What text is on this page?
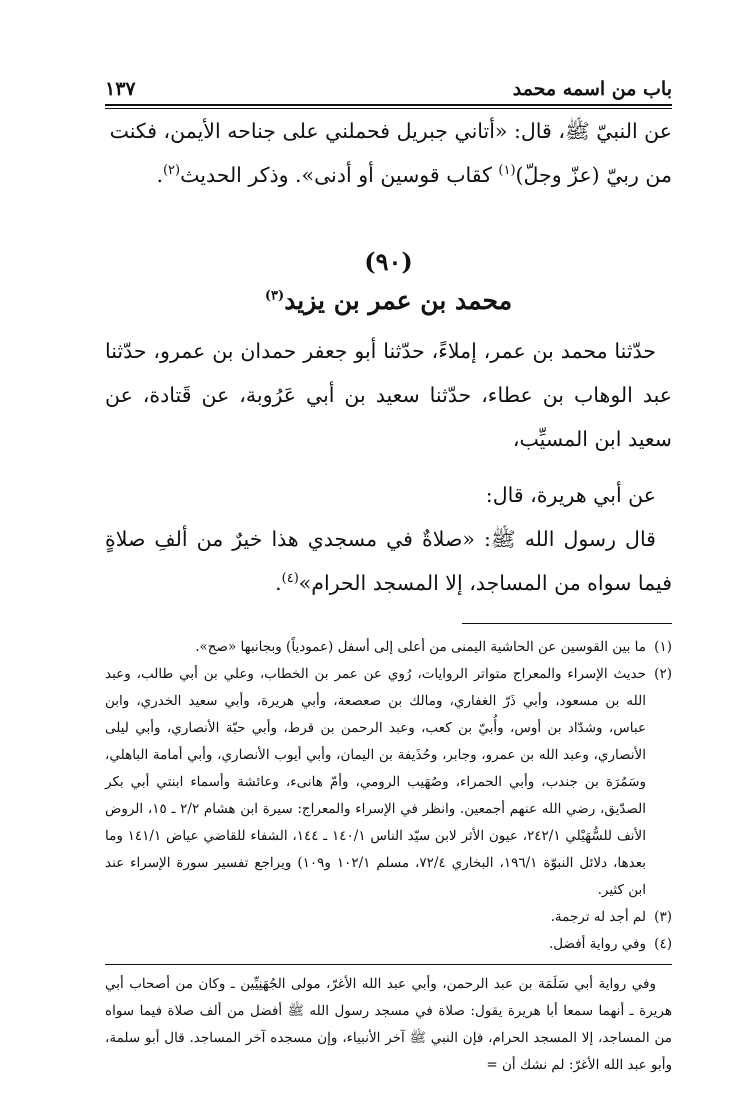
باب من اسمه محمد
١٣٧

عن النبيّ ﷺ، قال: «أتاني جبريل فحملني على جناحه الأيمن، فكنت

من ربيّ (عزّ وجلّ)$^{(١)}$ كقاب قوسين أو أدنى». وذكر الحديث$^{(٢)}$.

(٩٠)
محمد بن عمر بن يزيد$^{(٣)}$

حدّثنا محمد بن عمر، إملاءً، حدّثنا أبو جعفر حمدان بن عمرو، حدّثنا عبد الوهاب بن عطاء، حدّثنا سعيد بن أبي عَرُوبة، عن قَتادة، عن سعيد ابن المسيِّب،

عن أبي هريرة، قال:

قال رسول الله ﷺ: «صلاةٌ في مسجدي هذا خيرٌ من ألفِ صلاةٍ فيما سواه من المساجد، إلا المسجد الحرام»$^{(٤)}$.

(١)
ما بين القوسين عن الحاشية اليمنى من أعلى إلى أسفل (عمودياً) وبجانبها «صح».
(٢)
حديث الإسراء والمعراج متواتر الروايات، رُوي عن عمر بن الخطاب، وعلي بن أبي طالب، وعبد الله بن مسعود، وأبي ذَرّ الغفاري، ومالك بن صعصعة، وأبي هريرة، وأبي سعيد الخدري، وابن عباس، وشدّاد بن أوس، وأُبيّ بن كعب، وعبد الرحمن بن قرط، وأبي حبّة الأنصاري، وأبي ليلى الأنصاري، وعبد الله بن عمرو، وجابر، وحُذَيفة بن اليمان، وأبي أيوب الأنصاري، وأبي أمامة الباهلي، وسَمُرَة بن جندب، وأبي الحمراء، وصُهَيب الرومي، وأمّ هانىء، وعائشة وأسماء ابنتي أبي بكر الصدّيق، رضي الله عنهم أجمعين. وانظر في الإسراء والمعراج: سيرة ابن هشام ٢/٢ ـ ١٥، الروض الأنف للسُّهَيْلي ٢٤٢/١، عيون الأثر لابن سيّد الناس ١٤٠/١ ـ ١٤٤، الشفاء للقاضي عياض ١٤١/١ وما بعدها، دلائل النبوّة ١٩٦/١، البخاري ٧٢/٤، مسلم ١٠٢/١ و١٠٩) ويراجع تفسير سورة الإسراء عند ابن كثير.
(٣)
لم أجد له ترجمة.
(٤)
وفي رواية أفضل.
وفي رواية أبي سَلَمَة بن عبد الرحمن، وأبي عبد الله الأغرّ، مولى الجُهَنِيِّين ـ وكان من أصحاب أبي هريرة ـ أنهما سمعا أبا هريرة يقول: صلاة في مسجد رسول الله ﷺ أفضل من ألف صلاة فيما سواه من المساجد، إلا المسجد الحرام، فإن النبي ﷺ آخر الأنبياء، وإن مسجده آخر المساجد. قال أبو سلمة، وأبو عبد الله الأغرّ: لم نشك أن =
